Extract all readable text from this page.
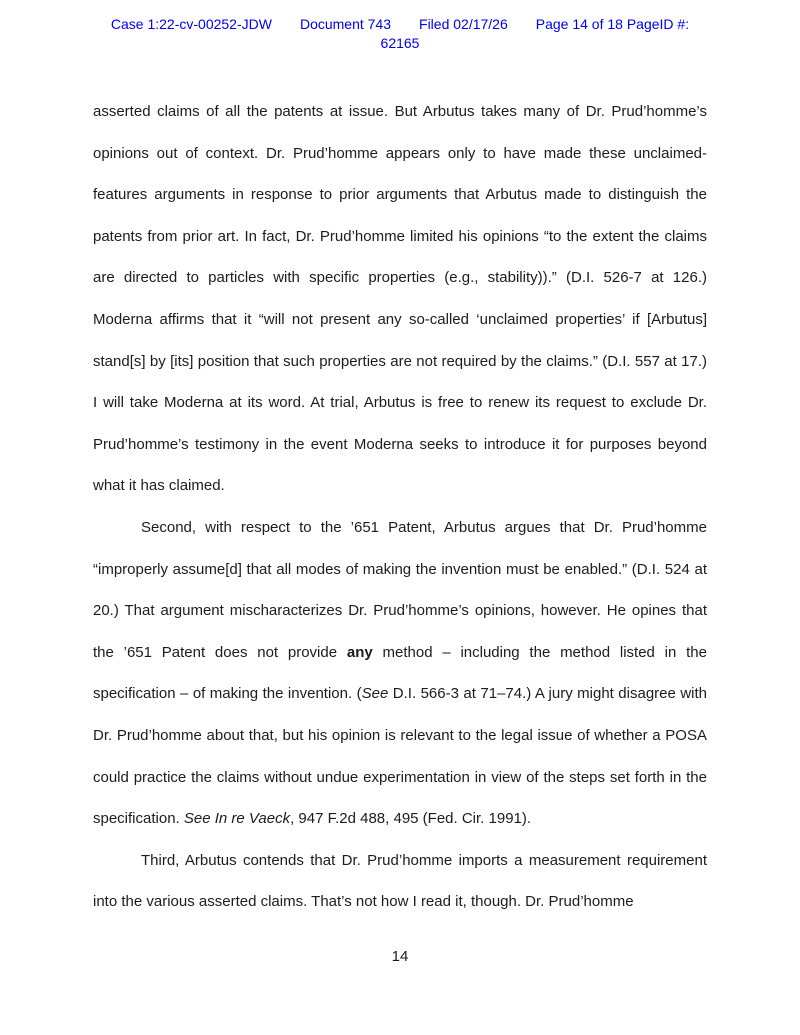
Case 1:22-cv-00252-JDW Document 743 Filed 02/17/26 Page 14 of 18 PageID #:
62165

asserted claims of all the patents at issue. But Arbutus takes many of Dr. Prud’homme’s opinions out of context. Dr. Prud’homme appears only to have made these unclaimed-features arguments in response to prior arguments that Arbutus made to distinguish the patents from prior art. In fact, Dr. Prud’homme limited his opinions “to the extent the claims are directed to particles with specific properties (e.g., stability)).” (D.I. 526-7 at 126.) Moderna affirms that it “will not present any so-called ‘unclaimed properties’ if [Arbutus] stand[s] by [its] position that such properties are not required by the claims.” (D.I. 557 at 17.) I will take Moderna at its word. At trial, Arbutus is free to renew its request to exclude Dr. Prud’homme’s testimony in the event Moderna seeks to introduce it for purposes beyond what it has claimed.

Second, with respect to the ’651 Patent, Arbutus argues that Dr. Prud’homme “improperly assume[d] that all modes of making the invention must be enabled.” (D.I. 524 at 20.) That argument mischaracterizes Dr. Prud’homme’s opinions, however. He opines that the ’651 Patent does not provide any method – including the method listed in the specification – of making the invention. (See D.I. 566-3 at 71–74.) A jury might disagree with Dr. Prud’homme about that, but his opinion is relevant to the legal issue of whether a POSA could practice the claims without undue experimentation in view of the steps set forth in the specification. See In re Vaeck, 947 F.2d 488, 495 (Fed. Cir. 1991).

Third, Arbutus contends that Dr. Prud’homme imports a measurement requirement into the various asserted claims. That’s not how I read it, though. Dr. Prud’homme

14
